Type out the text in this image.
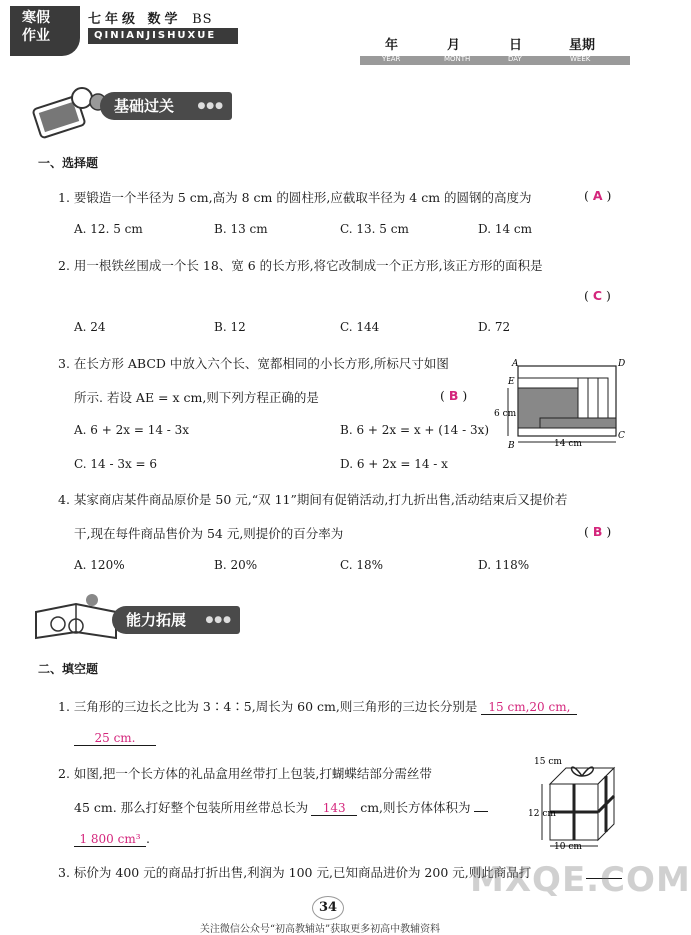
寒假
作业
七年级 数学 BS
QINIANJISHUXUE
年	月	日	星期
YEAR	MONTH	DAY	WEEK
基础过关	●●●
一、选择题
1. 要锻造一个半径为 5 cm,高为 8 cm 的圆柱形,应截取半径为 4 cm 的圆钢的高度为	( A )
A. 12. 5 cm	B. 13 cm	C. 13. 5 cm	D. 14 cm
2. 用一根铁丝围成一个长 18、宽 6 的长方形,将它改制成一个正方形,该正方形的面积是
( C )
A. 24	B. 12	C. 144	D. 72
3. 在长方形 ABCD 中放入六个长、宽都相同的小长方形,所标尺寸如图
所示. 若设 AE = x cm,则下列方程正确的是	( B )
A. 6 + 2x = 14 - 3x	B. 6 + 2x = x + (14 - 3x)
C. 14 - 3x = 6	D. 6 + 2x = 14 - x
A	D
E
B
C
6 cm
14 cm
4. 某家商店某件商品原价是 50 元,“双 11”期间有促销活动,打九折出售,活动结束后又提价若
干,现在每件商品售价为 54 元,则提价的百分率为	( B )
A. 120%	B. 20%	C. 18%	D. 118%
能力拓展 ●●●
二、填空题
1. 三角形的三边长之比为 3∶4∶5,周长为 60 cm,则三角形的三边长分别是 15 cm,20 cm,
25 cm.
2. 如图,把一个长方体的礼品盒用丝带打上包装,打蝴蝶结部分需丝带
45 cm. 那么打好整个包装所用丝带总长为 143 cm,则长方体体积为
1 800 cm³ .
15 cm
12 cm
10 cm
3. 标价为 400 元的商品打折出售,利润为 100 元,已知商品进价为 200 元,则此商品打
MXQE.COM
34
关注微信公众号“初高教辅站”获取更多初高中教辅资料
